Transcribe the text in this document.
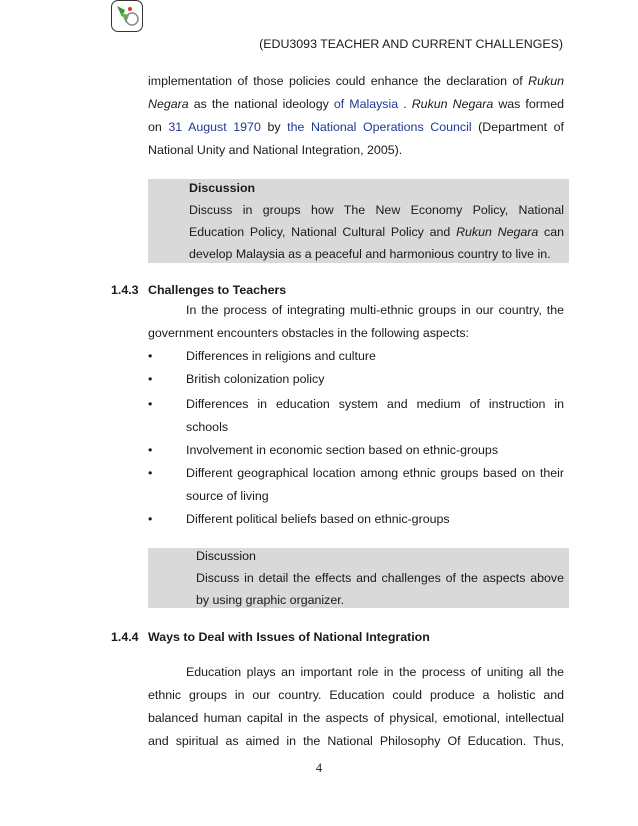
(EDU3093 TEACHER AND CURRENT CHALLENGES)
implementation of those policies could enhance the declaration of Rukun
Negara as the national ideology of Malaysia . Rukun Negara was formed
on 31 August 1970 by the National Operations Council (Department of
National Unity and National Integration, 2005).
Discussion
Discuss in groups how The New Economy Policy, National
Education Policy, National Cultural Policy and Rukun Negara can
develop Malaysia as a peaceful and harmonious country to live in.
1.4.3 Challenges to Teachers
In the process of integrating multi-ethnic groups in our country, the
government encounters obstacles in the following aspects:
•	Differences in religions and culture
•	British colonization policy
•	Differences in education system and medium of instruction in
schools
•	Involvement in economic section based on ethnic-groups
•	Different geographical location among ethnic groups based on their
source of living
•	Different political beliefs based on ethnic-groups
Discussion
Discuss in detail the effects and challenges of the aspects above
by using graphic organizer.
1.4.4 Ways to Deal with Issues of National Integration
Education plays an important role in the process of uniting all the
ethnic groups in our country. Education could produce a holistic and
balanced human capital in the aspects of physical, emotional, intellectual
and spiritual as aimed in the National Philosophy Of Education. Thus,
4
